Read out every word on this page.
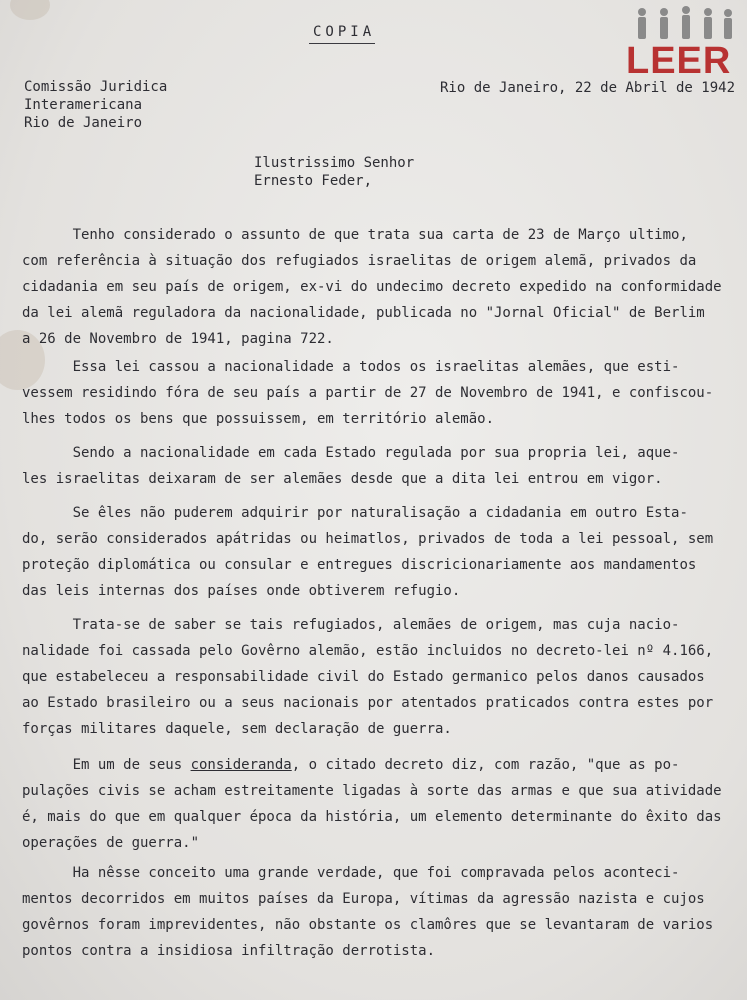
COPIA
LEER
Comissão Juridica
Interamericana
Rio de Janeiro
Rio de Janeiro, 22 de Abril de 1942
Ilustrissimo Senhor
Ernesto Feder,
Tenho considerado o assunto de que trata sua carta de 23 de Março ultimo,
com referência à situação dos refugiados israelitas de origem alemã, privados da
cidadania em seu país de origem, ex-vi do undecimo decreto expedido na conformidade
da lei alemã reguladora da nacionalidade, publicada no "Jornal Oficial" de Berlim
a 26 de Novembro de 1941, pagina 722.
Essa lei cassou a nacionalidade a todos os israelitas alemães, que esti-
vessem residindo fóra de seu país a partir de 27 de Novembro de 1941, e confiscou-
lhes todos os bens que possuissem, em território alemão.
Sendo a nacionalidade em cada Estado regulada por sua propria lei, aque-
les israelitas deixaram de ser alemães desde que a dita lei entrou em vigor.
Se êles não puderem adquirir por naturalisação a cidadania em outro Esta-
do, serão considerados apátridas ou heimatlos, privados de toda a lei pessoal, sem
proteção diplomática ou consular e entregues discricionariamente aos mandamentos
das leis internas dos países onde obtiverem refugio.
Trata-se de saber se tais refugiados, alemães de origem, mas cuja nacio-
nalidade foi cassada pelo Govêrno alemão, estão incluidos no decreto-lei nº 4.166,
que estabeleceu a responsabilidade civil do Estado germanico pelos danos causados
ao Estado brasileiro ou a seus nacionais por atentados praticados contra estes por
forças militares daquele, sem declaração de guerra.
Em um de seus consideranda, o citado decreto diz, com razão, "que as po-
pulações civis se acham estreitamente ligadas à sorte das armas e que sua atividade
é, mais do que em qualquer época da história, um elemento determinante do êxito das
operações de guerra."
Ha nêsse conceito uma grande verdade, que foi compravada pelos aconteci-
mentos decorridos em muitos países da Europa, vítimas da agressão nazista e cujos
govêrnos foram imprevidentes, não obstante os clamôres que se levantaram de varios
pontos contra a insidiosa infiltração derrotista.
